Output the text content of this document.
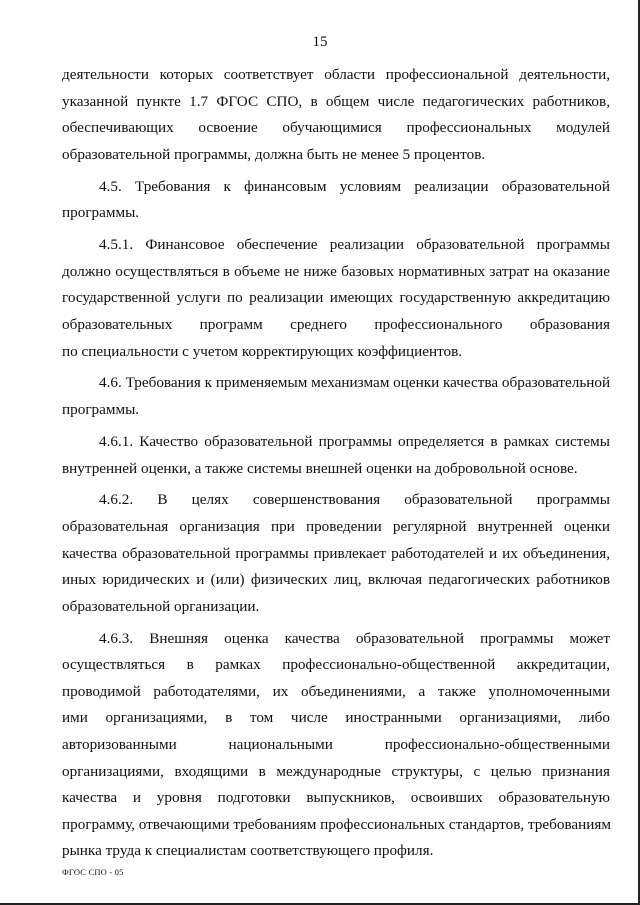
15
деятельности которых соответствует области профессиональной деятельности,
указанной пункте 1.7 ФГОС СПО, в общем числе педагогических работников,
обеспечивающих освоение обучающимися профессиональных модулей
образовательной программы, должна быть не менее 5 процентов.
4.5. Требования к финансовым условиям реализации образовательной
программы.
4.5.1. Финансовое обеспечение реализации образовательной программы
должно осуществляться в объеме не ниже базовых нормативных затрат на оказание
государственной услуги по реализации имеющих государственную аккредитацию
образовательных программ среднего профессионального образования
по специальности с учетом корректирующих коэффициентов.
4.6. Требования к применяемым механизмам оценки качества образовательной
программы.
4.6.1. Качество образовательной программы определяется в рамках системы
внутренней оценки, а также системы внешней оценки на добровольной основе.
4.6.2. В целях совершенствования образовательной программы
образовательная организация при проведении регулярной внутренней оценки
качества образовательной программы привлекает работодателей и их объединения,
иных юридических и (или) физических лиц, включая педагогических работников
образовательной организации.
4.6.3. Внешняя оценка качества образовательной программы может
осуществляться в рамках профессионально-общественной аккредитации,
проводимой работодателями, их объединениями, а также уполномоченными
ими организациями, в том числе иностранными организациями, либо
авторизованными национальными профессионально-общественными
организациями, входящими в международные структуры, с целью признания
качества и уровня подготовки выпускников, освоивших образовательную
программу, отвечающими требованиям профессиональных стандартов, требованиям
рынка труда к специалистам соответствующего профиля.
ФГОС СПО - 05
